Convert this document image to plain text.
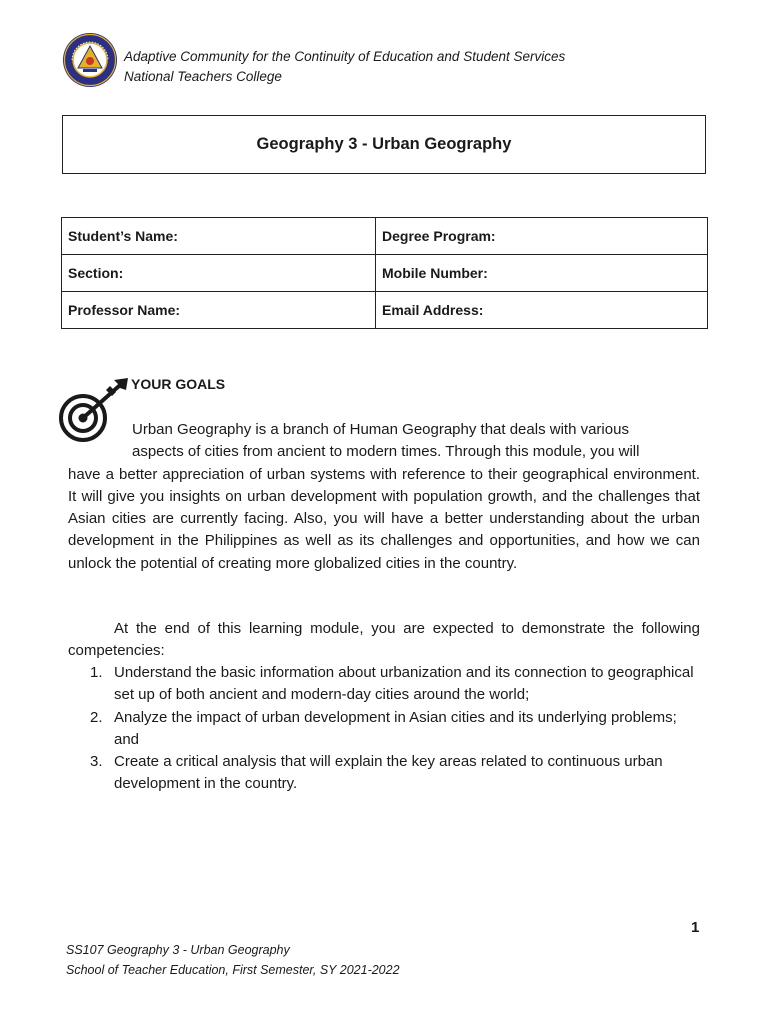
Adaptive Community for the Continuity of Education and Student Services
National Teachers College
Geography 3 - Urban Geography
Student’s Name:	Degree Program:
Section:	Mobile Number:
Professor Name:	Email Address:
YOUR GOALS
Urban Geography is a branch of Human Geography that deals with various
aspects of cities from ancient to modern times. Through this module, you will
have a better appreciation of urban systems with reference to their geographical environment. It will give you insights on urban development with population growth, and the challenges that Asian cities are currently facing. Also, you will have a better understanding about the urban development in the Philippines as well as its challenges and opportunities, and how we can unlock the potential of creating more globalized cities in the country.
At the end of this learning module, you are expected to demonstrate the following competencies:
1. Understand the basic information about urbanization and its connection to geographical set up of both ancient and modern-day cities around the world;
2. Analyze the impact of urban development in Asian cities and its underlying problems; and
3. Create a critical analysis that will explain the key areas related to continuous urban development in the country.
1
SS107 Geography 3 - Urban Geography
School of Teacher Education, First Semester, SY 2021-2022
